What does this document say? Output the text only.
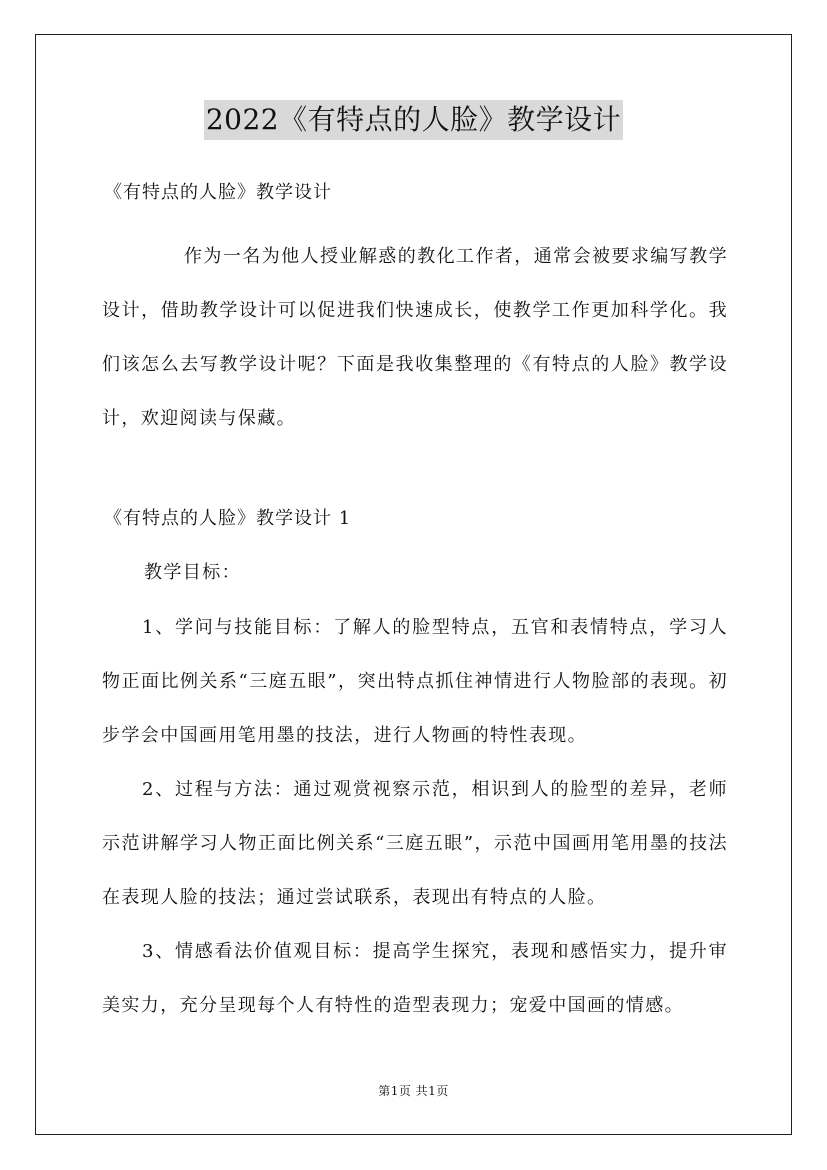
2022《有特点的人脸》教学设计
《有特点的人脸》教学设计
作为一名为他人授业解惑的教化工作者，通常会被要求编写教学设计，借助教学设计可以促进我们快速成长，使教学工作更加科学化。我们该怎么去写教学设计呢？下面是我收集整理的《有特点的人脸》教学设计，欢迎阅读与保藏。
《有特点的人脸》教学设计 1
教学目标：
1、学问与技能目标：了解人的脸型特点，五官和表情特点，学习人物正面比例关系“三庭五眼”，突出特点抓住神情进行人物脸部的表现。初步学会中国画用笔用墨的技法，进行人物画的特性表现。
2、过程与方法：通过观赏视察示范，相识到人的脸型的差异，老师示范讲解学习人物正面比例关系“三庭五眼”，示范中国画用笔用墨的技法在表现人脸的技法；通过尝试联系，表现出有特点的人脸。
3、情感看法价值观目标：提高学生探究，表现和感悟实力，提升审美实力，充分呈现每个人有特性的造型表现力；宠爱中国画的情感。
第1页 共1页
